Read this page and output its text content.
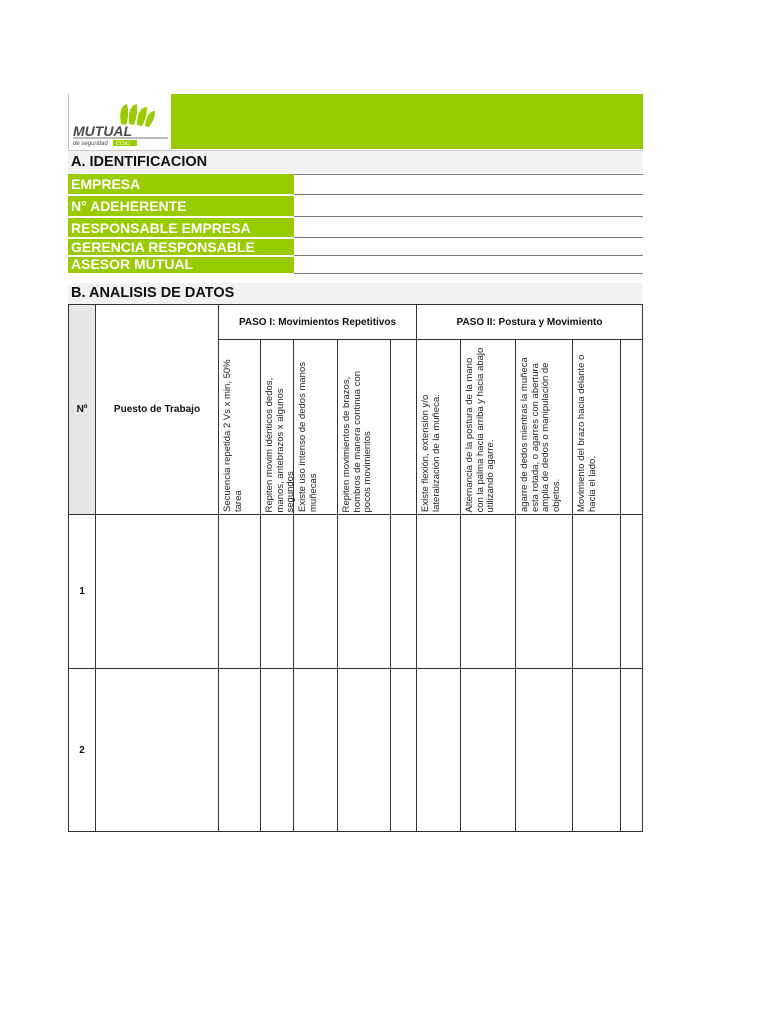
MUTUAL
de seguridad CChC
A. IDENTIFICACION
EMPRESA
N° ADEHERENTE
RESPONSABLE EMPRESA
GERENCIA RESPONSABLE
ASESOR MUTUAL
B. ANALISIS DE DATOS
Nº	Puesto de Trabajo	PASO I: Movimientos Repetitivos					PASO II: Postura y Movimiento				

		Secuencia repetida 2 Vs x min, 50% tarea	Repiten movim idénticos dedos, manos, antebrazos x algunos segundos	Existe uso intenso de dedos manos muñecas	Repiten movimientos de brazos, hombros de manera continua con pocos movimientos		Existe flexión, extensión y/o lateralización de la muñeca.	Alternancia de la postura de la mano con la palma hacia arriba y hacia abajo utilizando agarre.	agarre de dedos mientras la muñeca esta rotada, o agarres con abertura amplia de dedos o manipulación de objetos.	Movimiento del brazo hacia delante o hacia el lado.	

1											
2											
